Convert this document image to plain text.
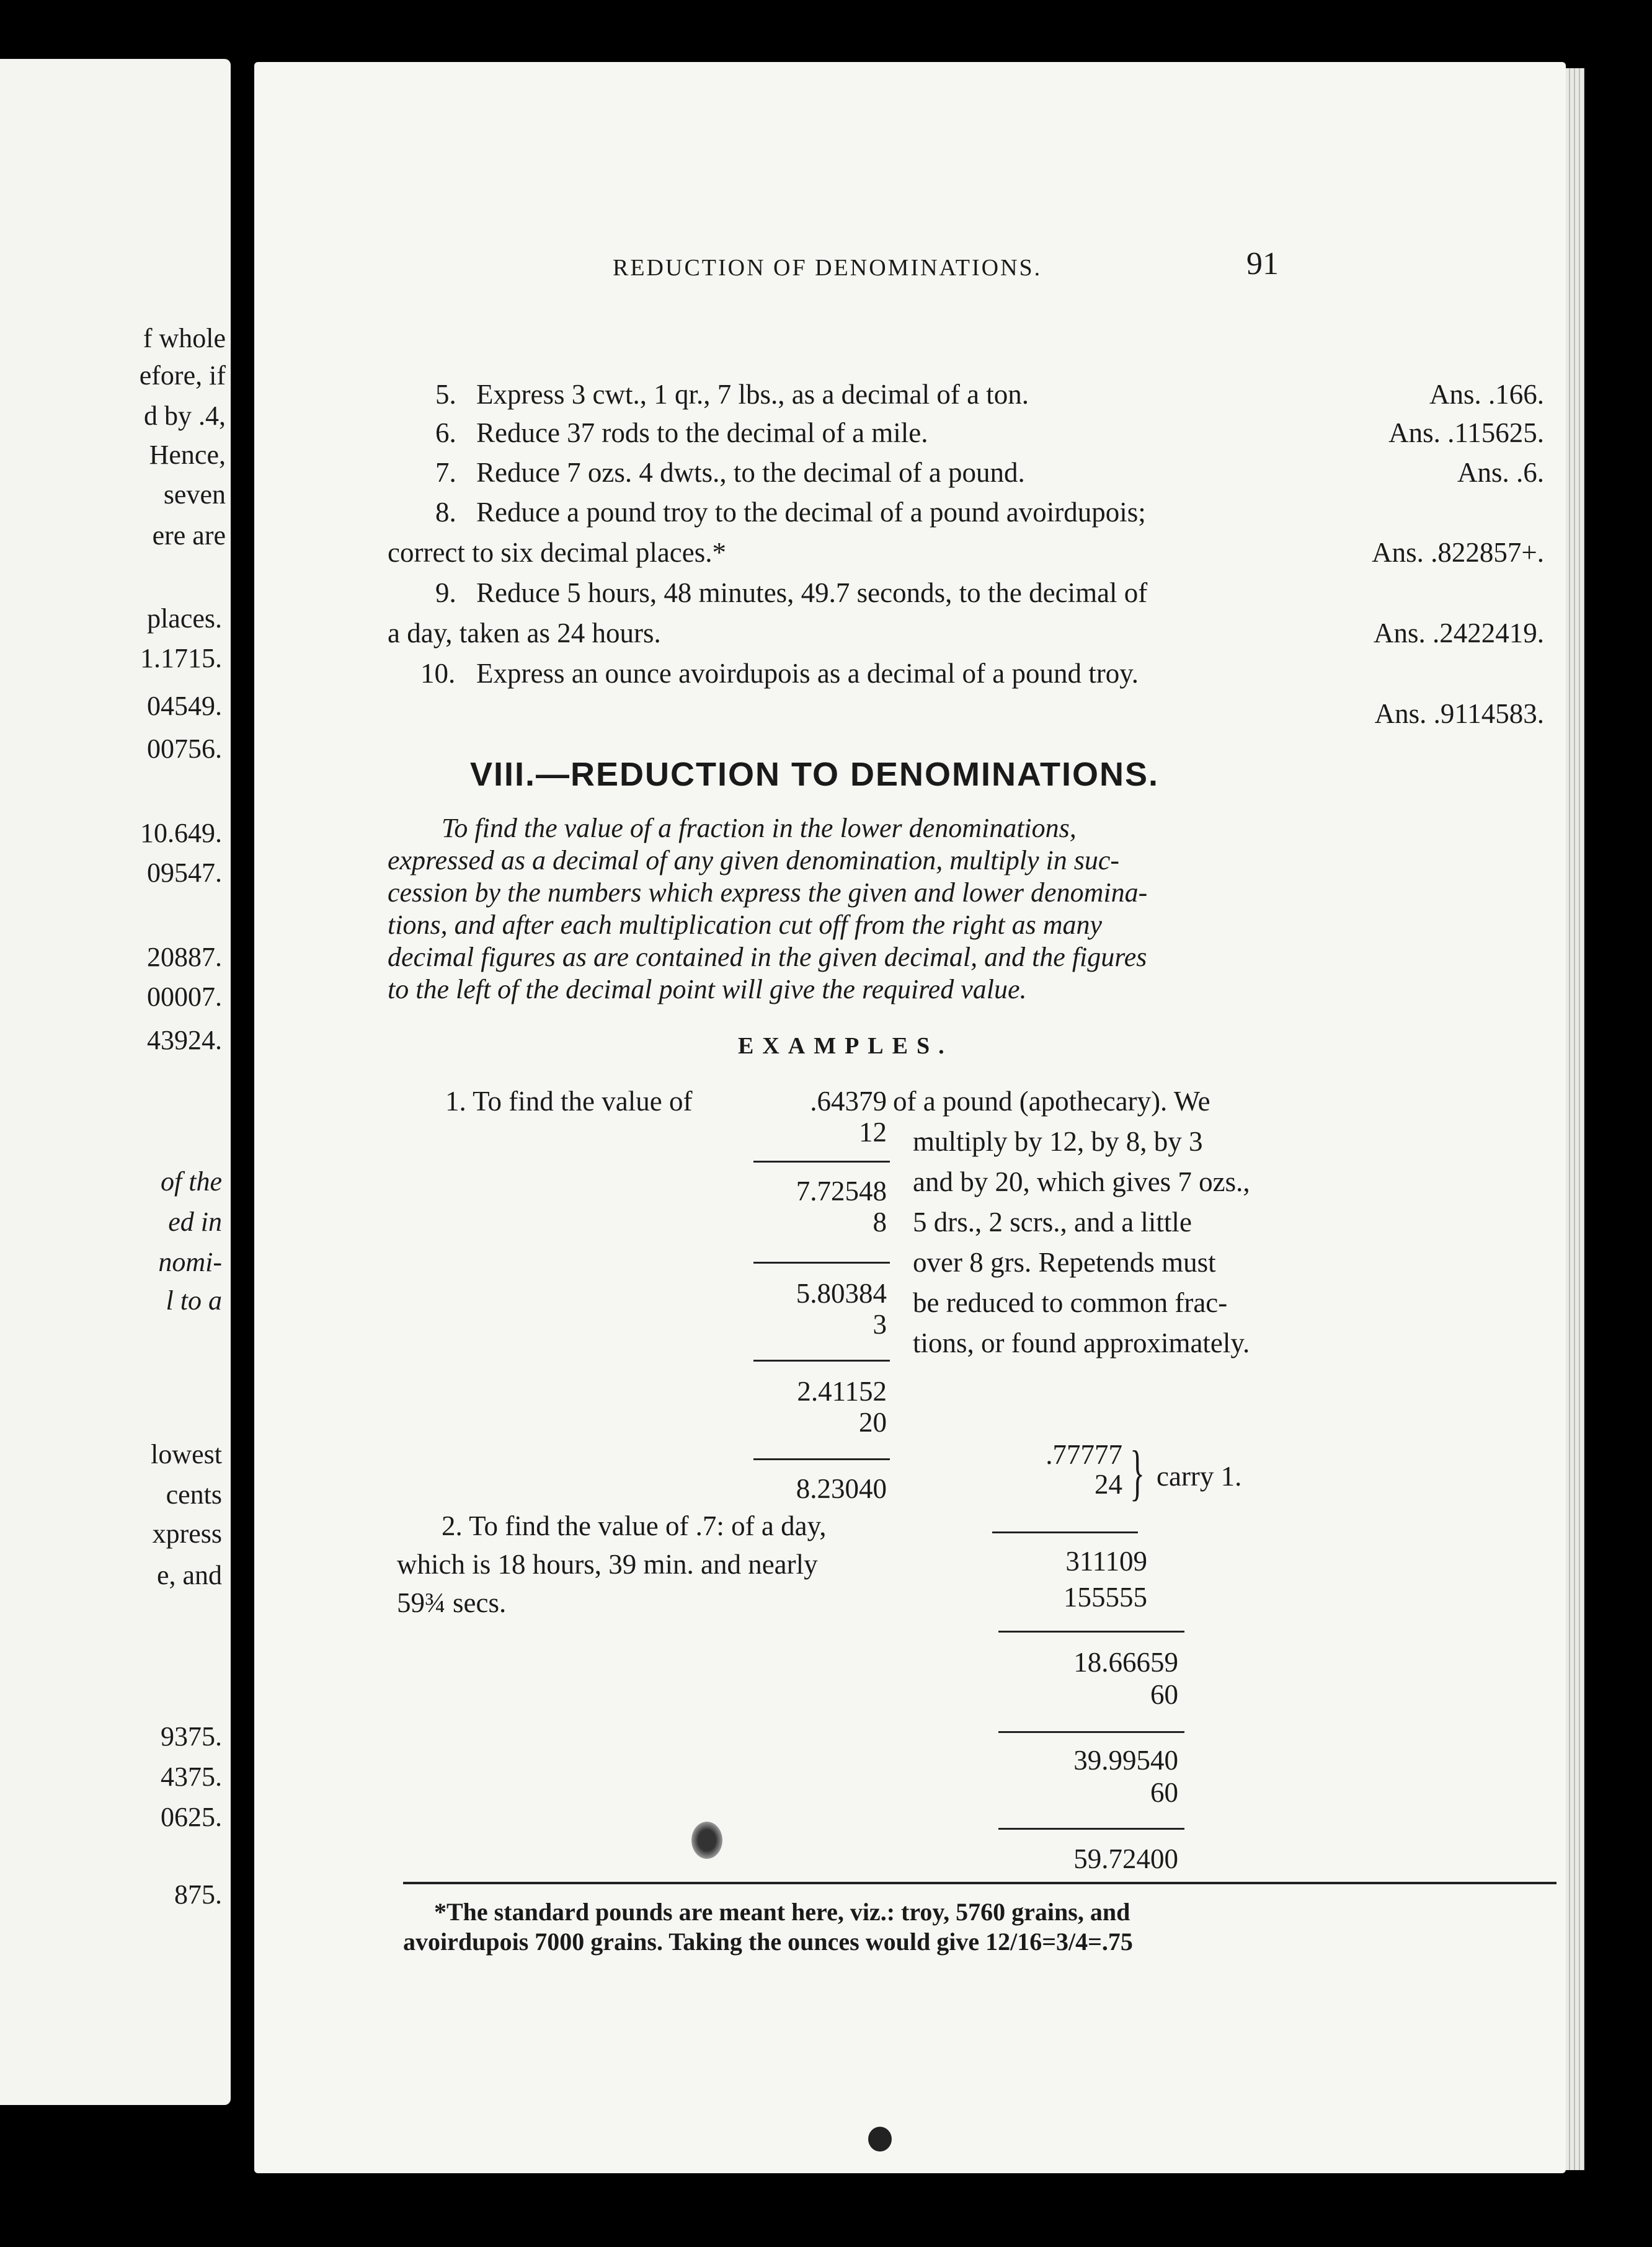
f whole
efore, if
d by .4,
Hence,
seven
ere are
places.
1.1715.
04549.
00756.
10.649.
09547.
20887.
00007.
43924.
of the
ed in
nomi-
l to a
lowest
cents
xpress
e, and
9375.
4375.
0625.
875.
REDUCTION OF DENOMINATIONS.	91
5. Express 3 cwt., 1 qr., 7 lbs., as a decimal of a ton.	Ans. .166.
6. Reduce 37 rods to the decimal of a mile.	Ans. .115625.
7. Reduce 7 ozs. 4 dwts., to the decimal of a pound.	Ans. .6.
8. Reduce a pound troy to the decimal of a pound avoirdupois;
correct to six decimal places.*	Ans. .822857+.
9. Reduce 5 hours, 48 minutes, 49.7 seconds, to the decimal of
a day, taken as 24 hours.	Ans. .2422419.
10. Express an ounce avoirdupois as a decimal of a pound troy.
Ans. .9114583.
VIII.—REDUCTION TO DENOMINATIONS.
To find the value of a fraction in the lower denominations,
expressed as a decimal of any given denomination, multiply in suc-
cession by the numbers which express the given and lower denomina-
tions, and after each multiplication cut off from the right as many
decimal figures as are contained in the given decimal, and the figures
to the left of the decimal point will give the required value.
EXAMPLES.
1. To find the value of	.64379
12
7.72548
8
5.80384
3
2.41152
20
8.23040
of a pound (apothecary). We
multiply by 12, by 8, by 3
and by 20, which gives 7 ozs.,
5 drs., 2 scrs., and a little
over 8 grs. Repetends must
be reduced to common frac-
tions, or found approximately.
2. To find the value of .7: of a day,
which is 18 hours, 39 min. and nearly
59¾ secs.
.77777
24
311109
155555
18.66659
60
39.99540
60
59.72400
} carry 1.
*The standard pounds are meant here, viz.: troy, 5760 grains, and
avoirdupois 7000 grains. Taking the ounces would give 12/16=3/4=.75
